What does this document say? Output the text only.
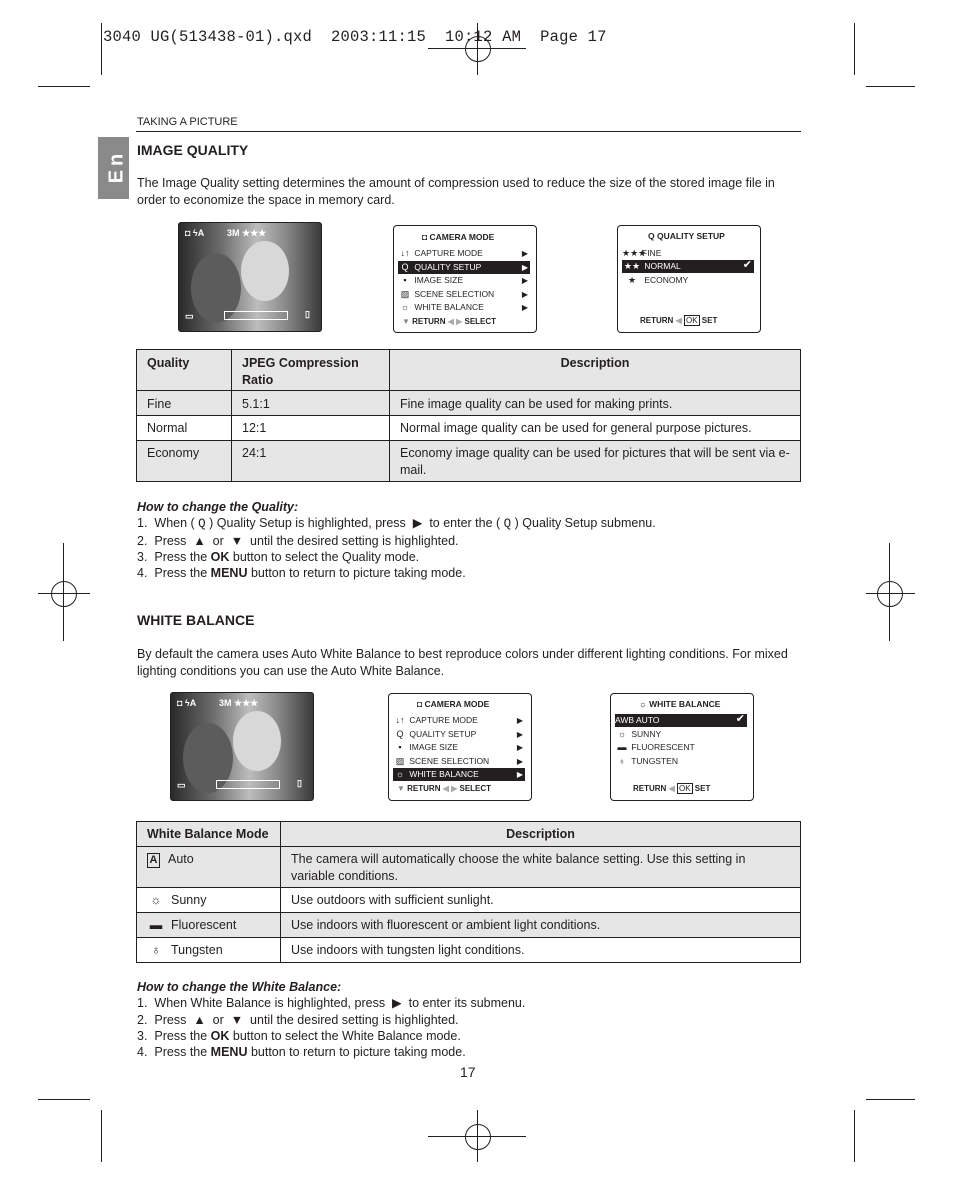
3040 UG(513438-01).qxd  2003:11:15  10:12 AM  Page 17
TAKING A PICTURE
En IMAGE QUALITY
The Image Quality setting determines the amount of compression used to reduce the size of the stored image file in order to economize the space in memory card.
◘ ϟA	3M ★★★
▭	▯
◘ CAMERA MODE
↓↑ CAPTURE MODE	▶
Q QUALITY SETUP	▶
▪ IMAGE SIZE	▶
▨ SCENE SELECTION	▶
☼ WHITE BALANCE	▶
▼ RETURN ◀ ▶ SELECT
Q QUALITY SETUP
★★★FINE
★★ NORMAL	✔
★ ECONOMY
RETURN ◀ OK SET
Quality	JPEG Compression Ratio	Description
Fine	5.1:1	Fine image quality can be used for making prints.
Normal	12:1	Normal image quality can be used for general purpose pictures.
Economy	24:1	Economy image quality can be used for pictures that will be sent via e-mail.
How to change the Quality:
1. When ( Q ) Quality Setup is highlighted, press  ▶  to enter the ( Q ) Quality Setup submenu.
2. Press  ▲  or  ▼  until the desired setting is highlighted.
3. Press the OK button to select the Quality mode.
4. Press the MENU button to return to picture taking mode.
WHITE BALANCE
By default the camera uses Auto White Balance to best reproduce colors under different lighting conditions. For mixed lighting conditions you can use the Auto White Balance.
◘ ϟA	3M ★★★
▭	▯
◘ CAMERA MODE
↓↑ CAPTURE MODE	▶
Q QUALITY SETUP	▶
▪ IMAGE SIZE	▶
▨ SCENE SELECTION	▶
☼ WHITE BALANCE	▶
▼ RETURN ◀ ▶ SELECT
☼ WHITE BALANCE
AWB AUTO	✔
☼ SUNNY
▬ FLUORESCENT
♁ TUNGSTEN
RETURN ◀ OK SET
White Balance Mode	Description
A Auto	The camera will automatically choose the white balance setting. Use this setting in variable conditions.
☼ Sunny	Use outdoors with sufficient sunlight.
▬ Fluorescent	Use indoors with fluorescent or ambient light conditions.
♁ Tungsten	Use indoors with tungsten light conditions.
How to change the White Balance:
1. When White Balance is highlighted, press  ▶  to enter its submenu.
2. Press  ▲  or  ▼  until the desired setting is highlighted.
3. Press the OK button to select the White Balance mode.
4. Press the MENU button to return to picture taking mode.
17
